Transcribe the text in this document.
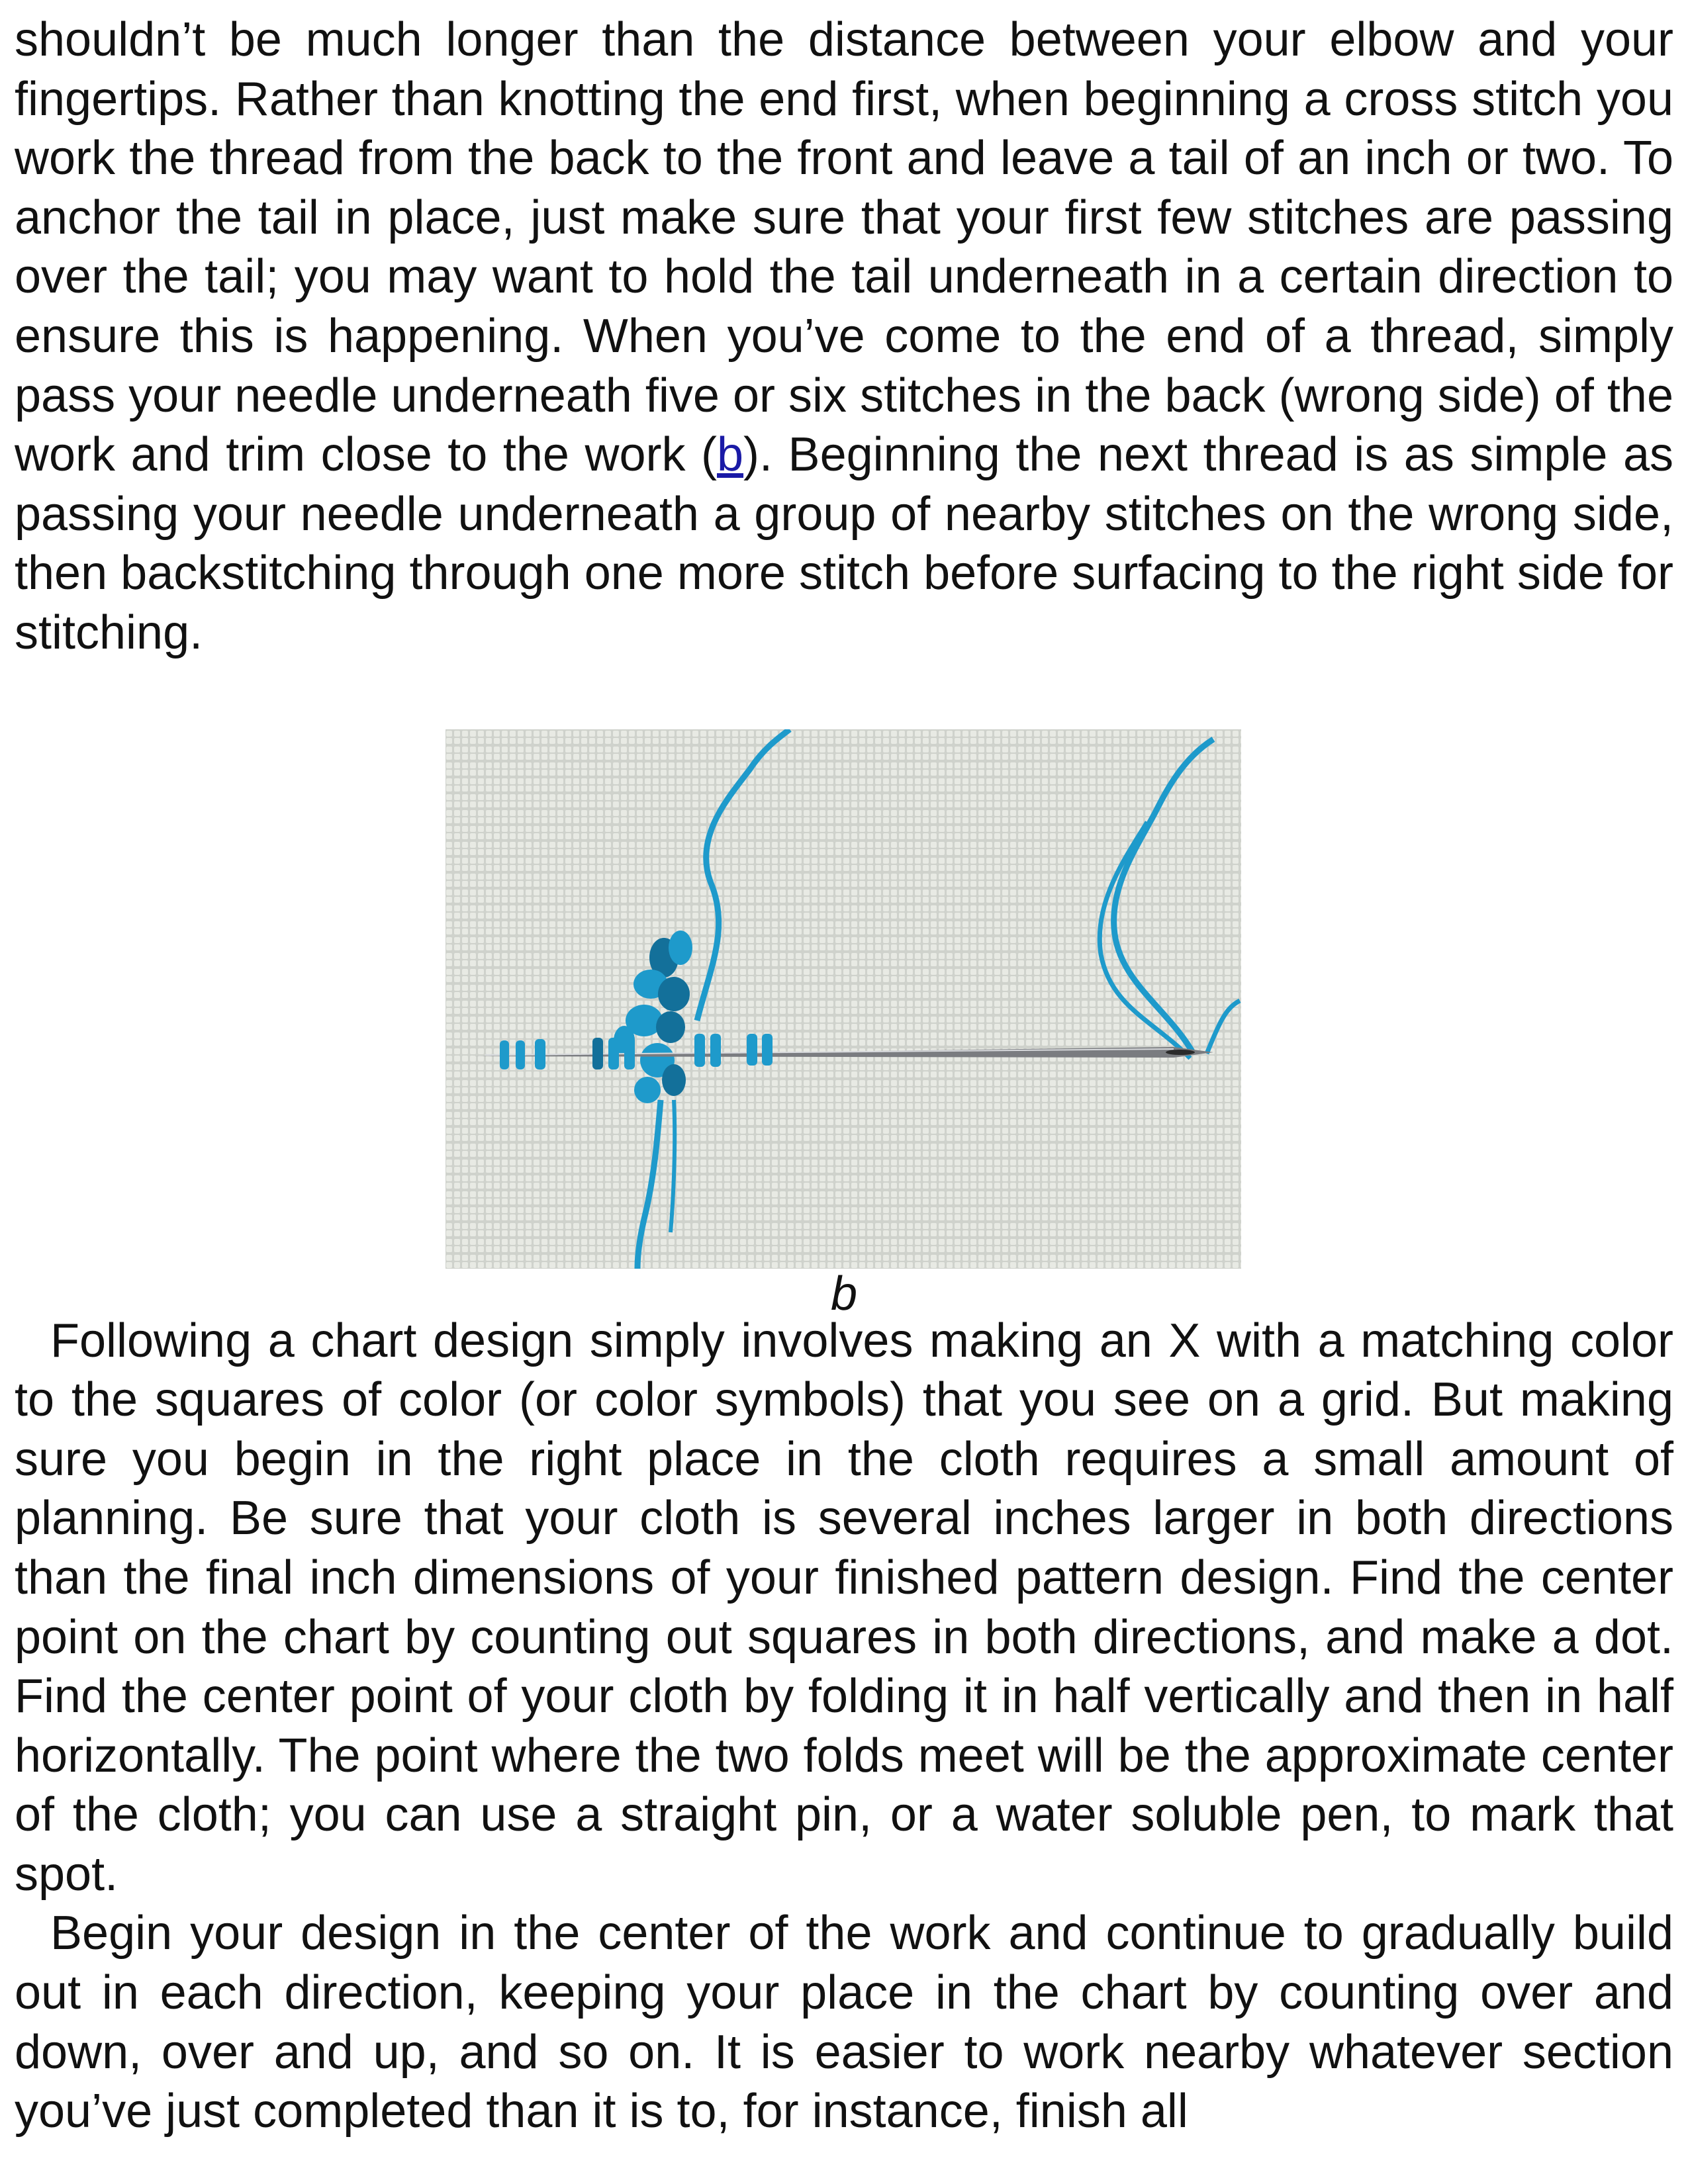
shouldn’t be much longer than the distance between your elbow and your fingertips. Rather than knotting the end first, when beginning a cross stitch you work the thread from the back to the front and leave a tail of an inch or two. To anchor the tail in place, just make sure that your first few stitches are passing over the tail; you may want to hold the tail underneath in a certain direction to ensure this is happening. When you’ve come to the end of a thread, simply pass your needle underneath five or six stitches in the back (wrong side) of the work and trim close to the work (b). Beginning the next thread is as simple as passing your needle underneath a group of nearby stitches on the wrong side, then backstitching through one more stitch before surfacing to the right side for stitching.

b

Following a chart design simply involves making an X with a matching color to the squares of color (or color symbols) that you see on a grid. But making sure you begin in the right place in the cloth requires a small amount of planning. Be sure that your cloth is several inches larger in both directions than the final inch dimensions of your finished pattern design. Find the center point on the chart by counting out squares in both directions, and make a dot. Find the center point of your cloth by folding it in half vertically and then in half horizontally. The point where the two folds meet will be the approximate center of the cloth; you can use a straight pin, or a water soluble pen, to mark that spot.

Begin your design in the center of the work and continue to gradually build out in each direction, keeping your place in the chart by counting over and down, over and up, and so on. It is easier to work nearby whatever section you’ve just completed than it is to, for instance, finish all
